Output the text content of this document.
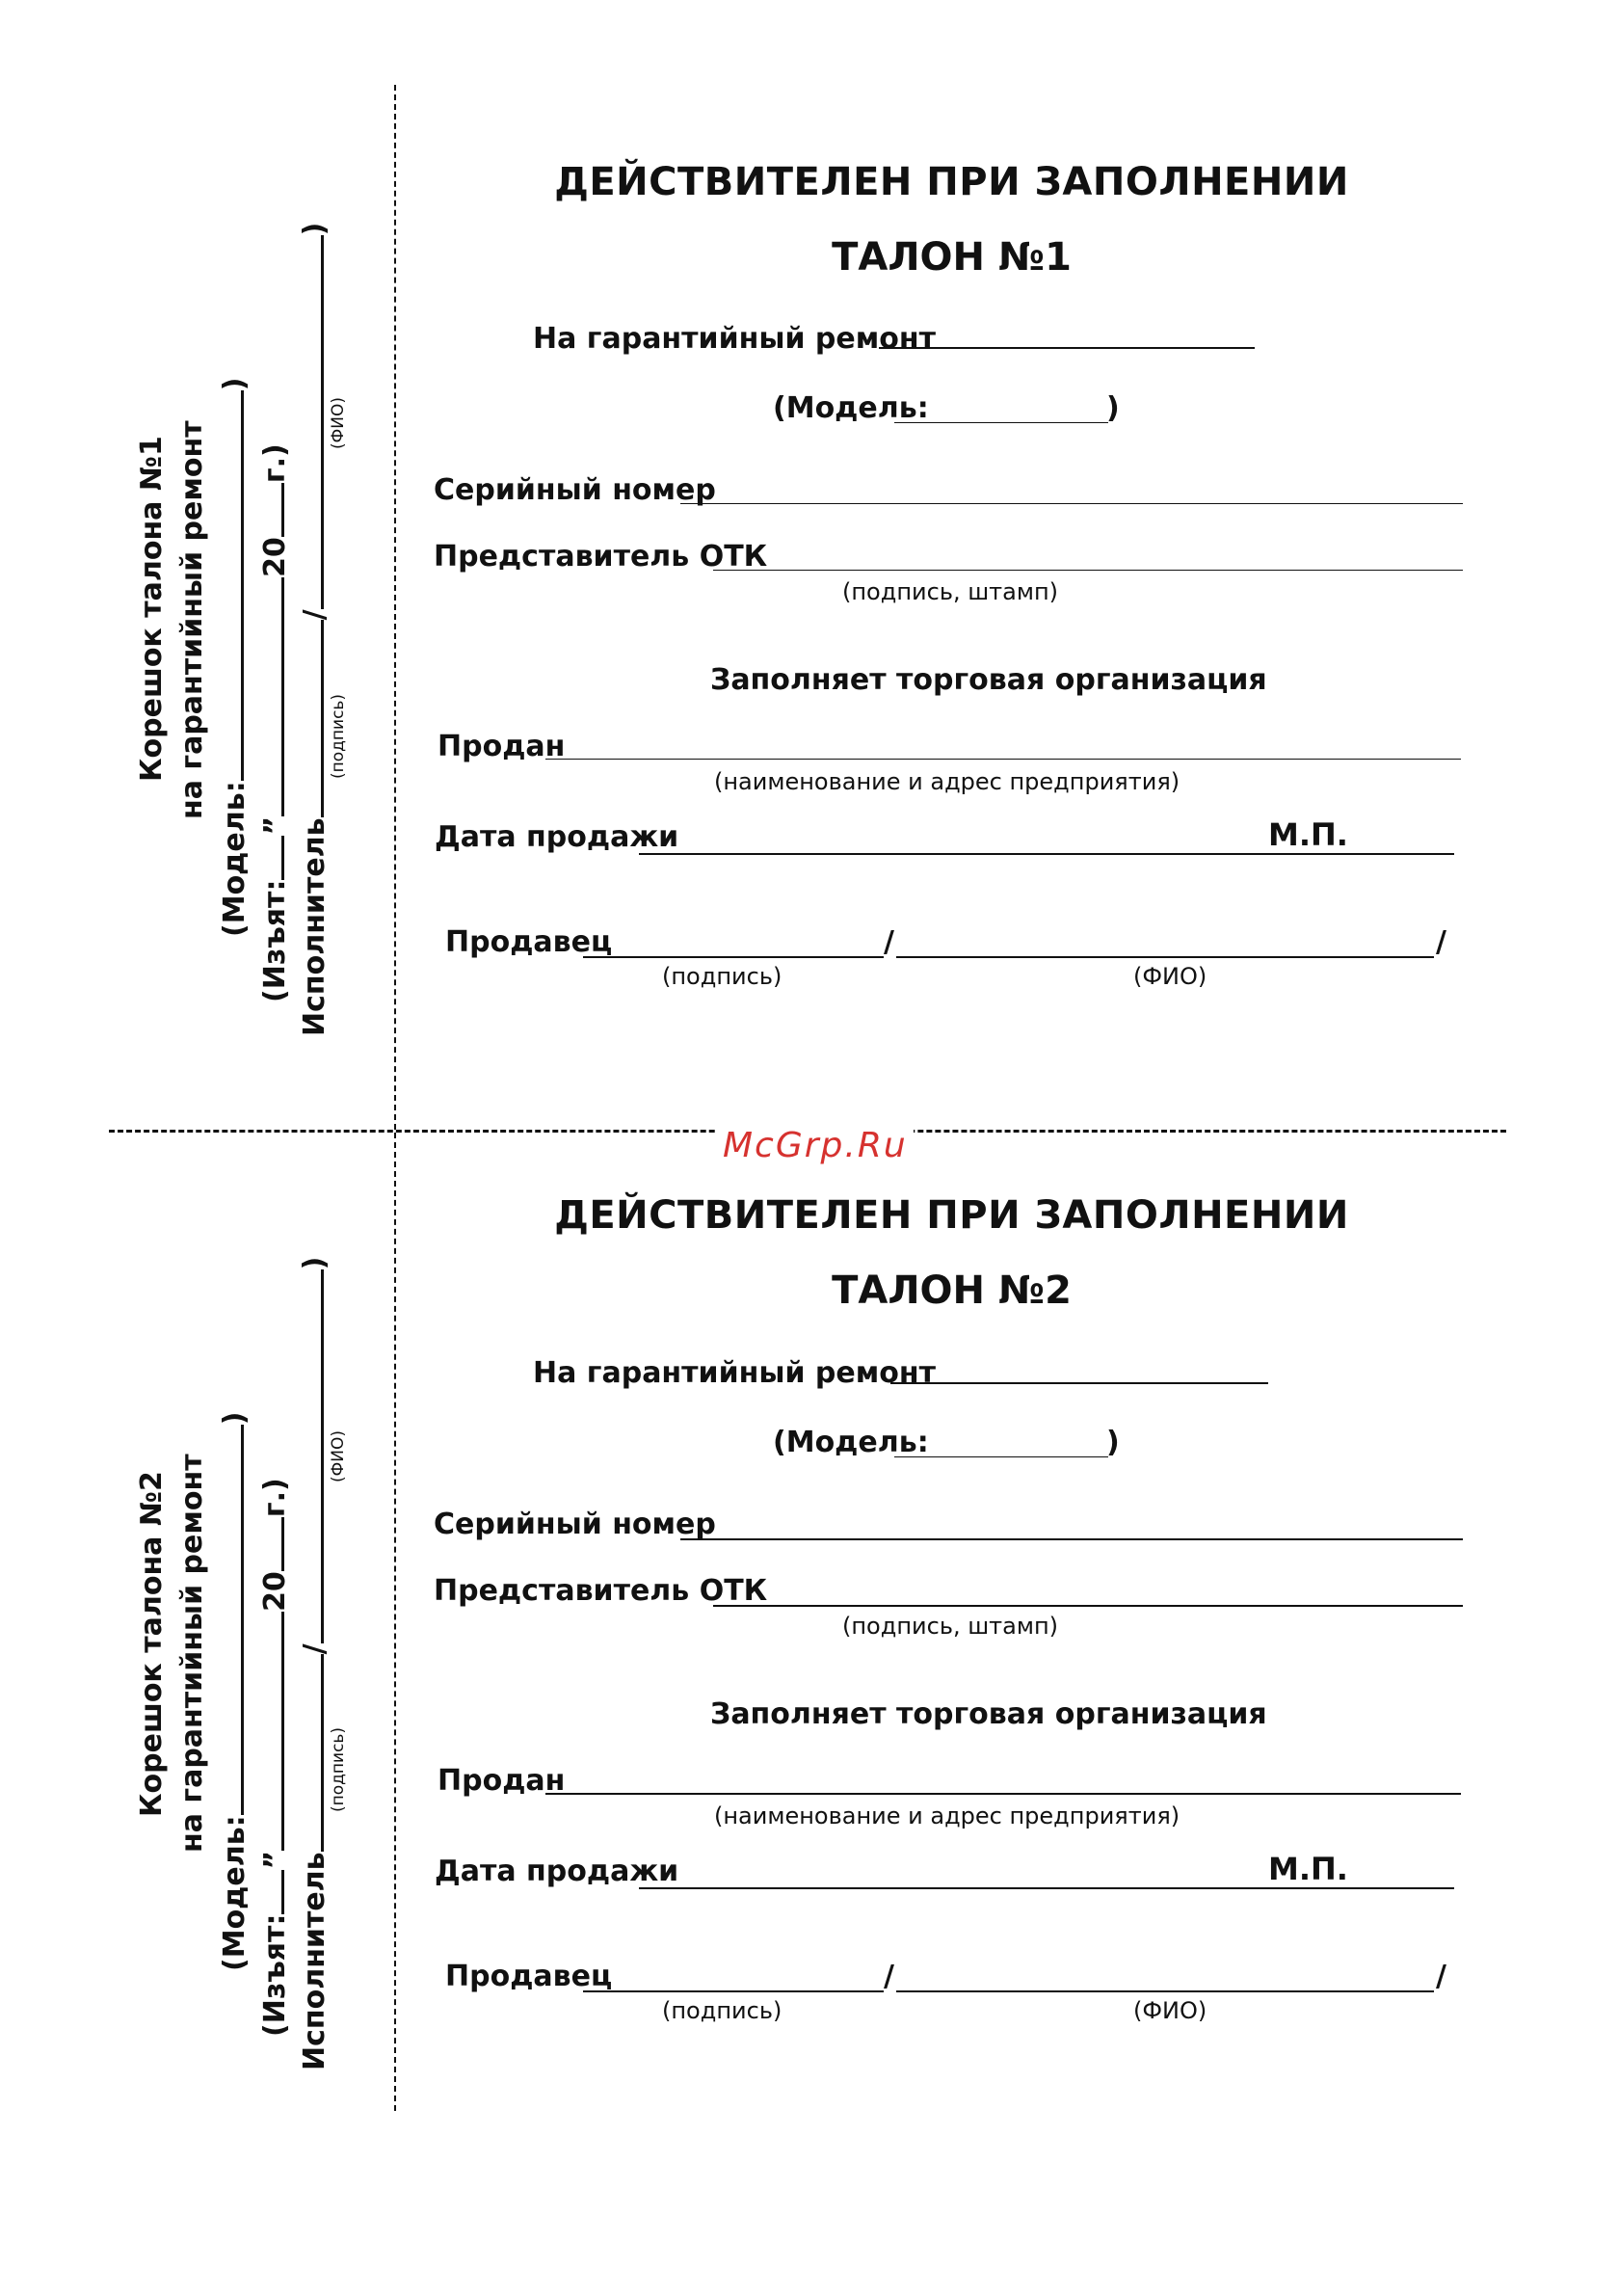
McGrp.Ru
ДЕЙСТВИТЕЛЕН ПРИ ЗАПОЛНЕНИИ
ТАЛОН №1
На гарантийный ремонт
(Модель:	)
Серийный номер
Представитель ОТК
(подпись, штамп)
Заполняет торговая организация
Продан
(наименование и адрес предприятия)
Дата продажи	М.П.
Продавец	/	/
(подпись)	(ФИО)
Корешок талона №1 на гарантийный ремонт
(Модель:)
(Изъят:”20г.)
Исполнитель/)
(подпись)
(ФИО)
ДЕЙСТВИТЕЛЕН ПРИ ЗАПОЛНЕНИИ
ТАЛОН №2
На гарантийный ремонт
(Модель:	)
Серийный номер
Представитель ОТК
(подпись, штамп)
Заполняет торговая организация
Продан
(наименование и адрес предприятия)
Дата продажи	М.П.
Продавец	/	/
(подпись)	(ФИО)
Корешок талона №2 на гарантийный ремонт
(Модель:)
(Изъят:”20г.)
Исполнитель/)
(подпись)
(ФИО)
